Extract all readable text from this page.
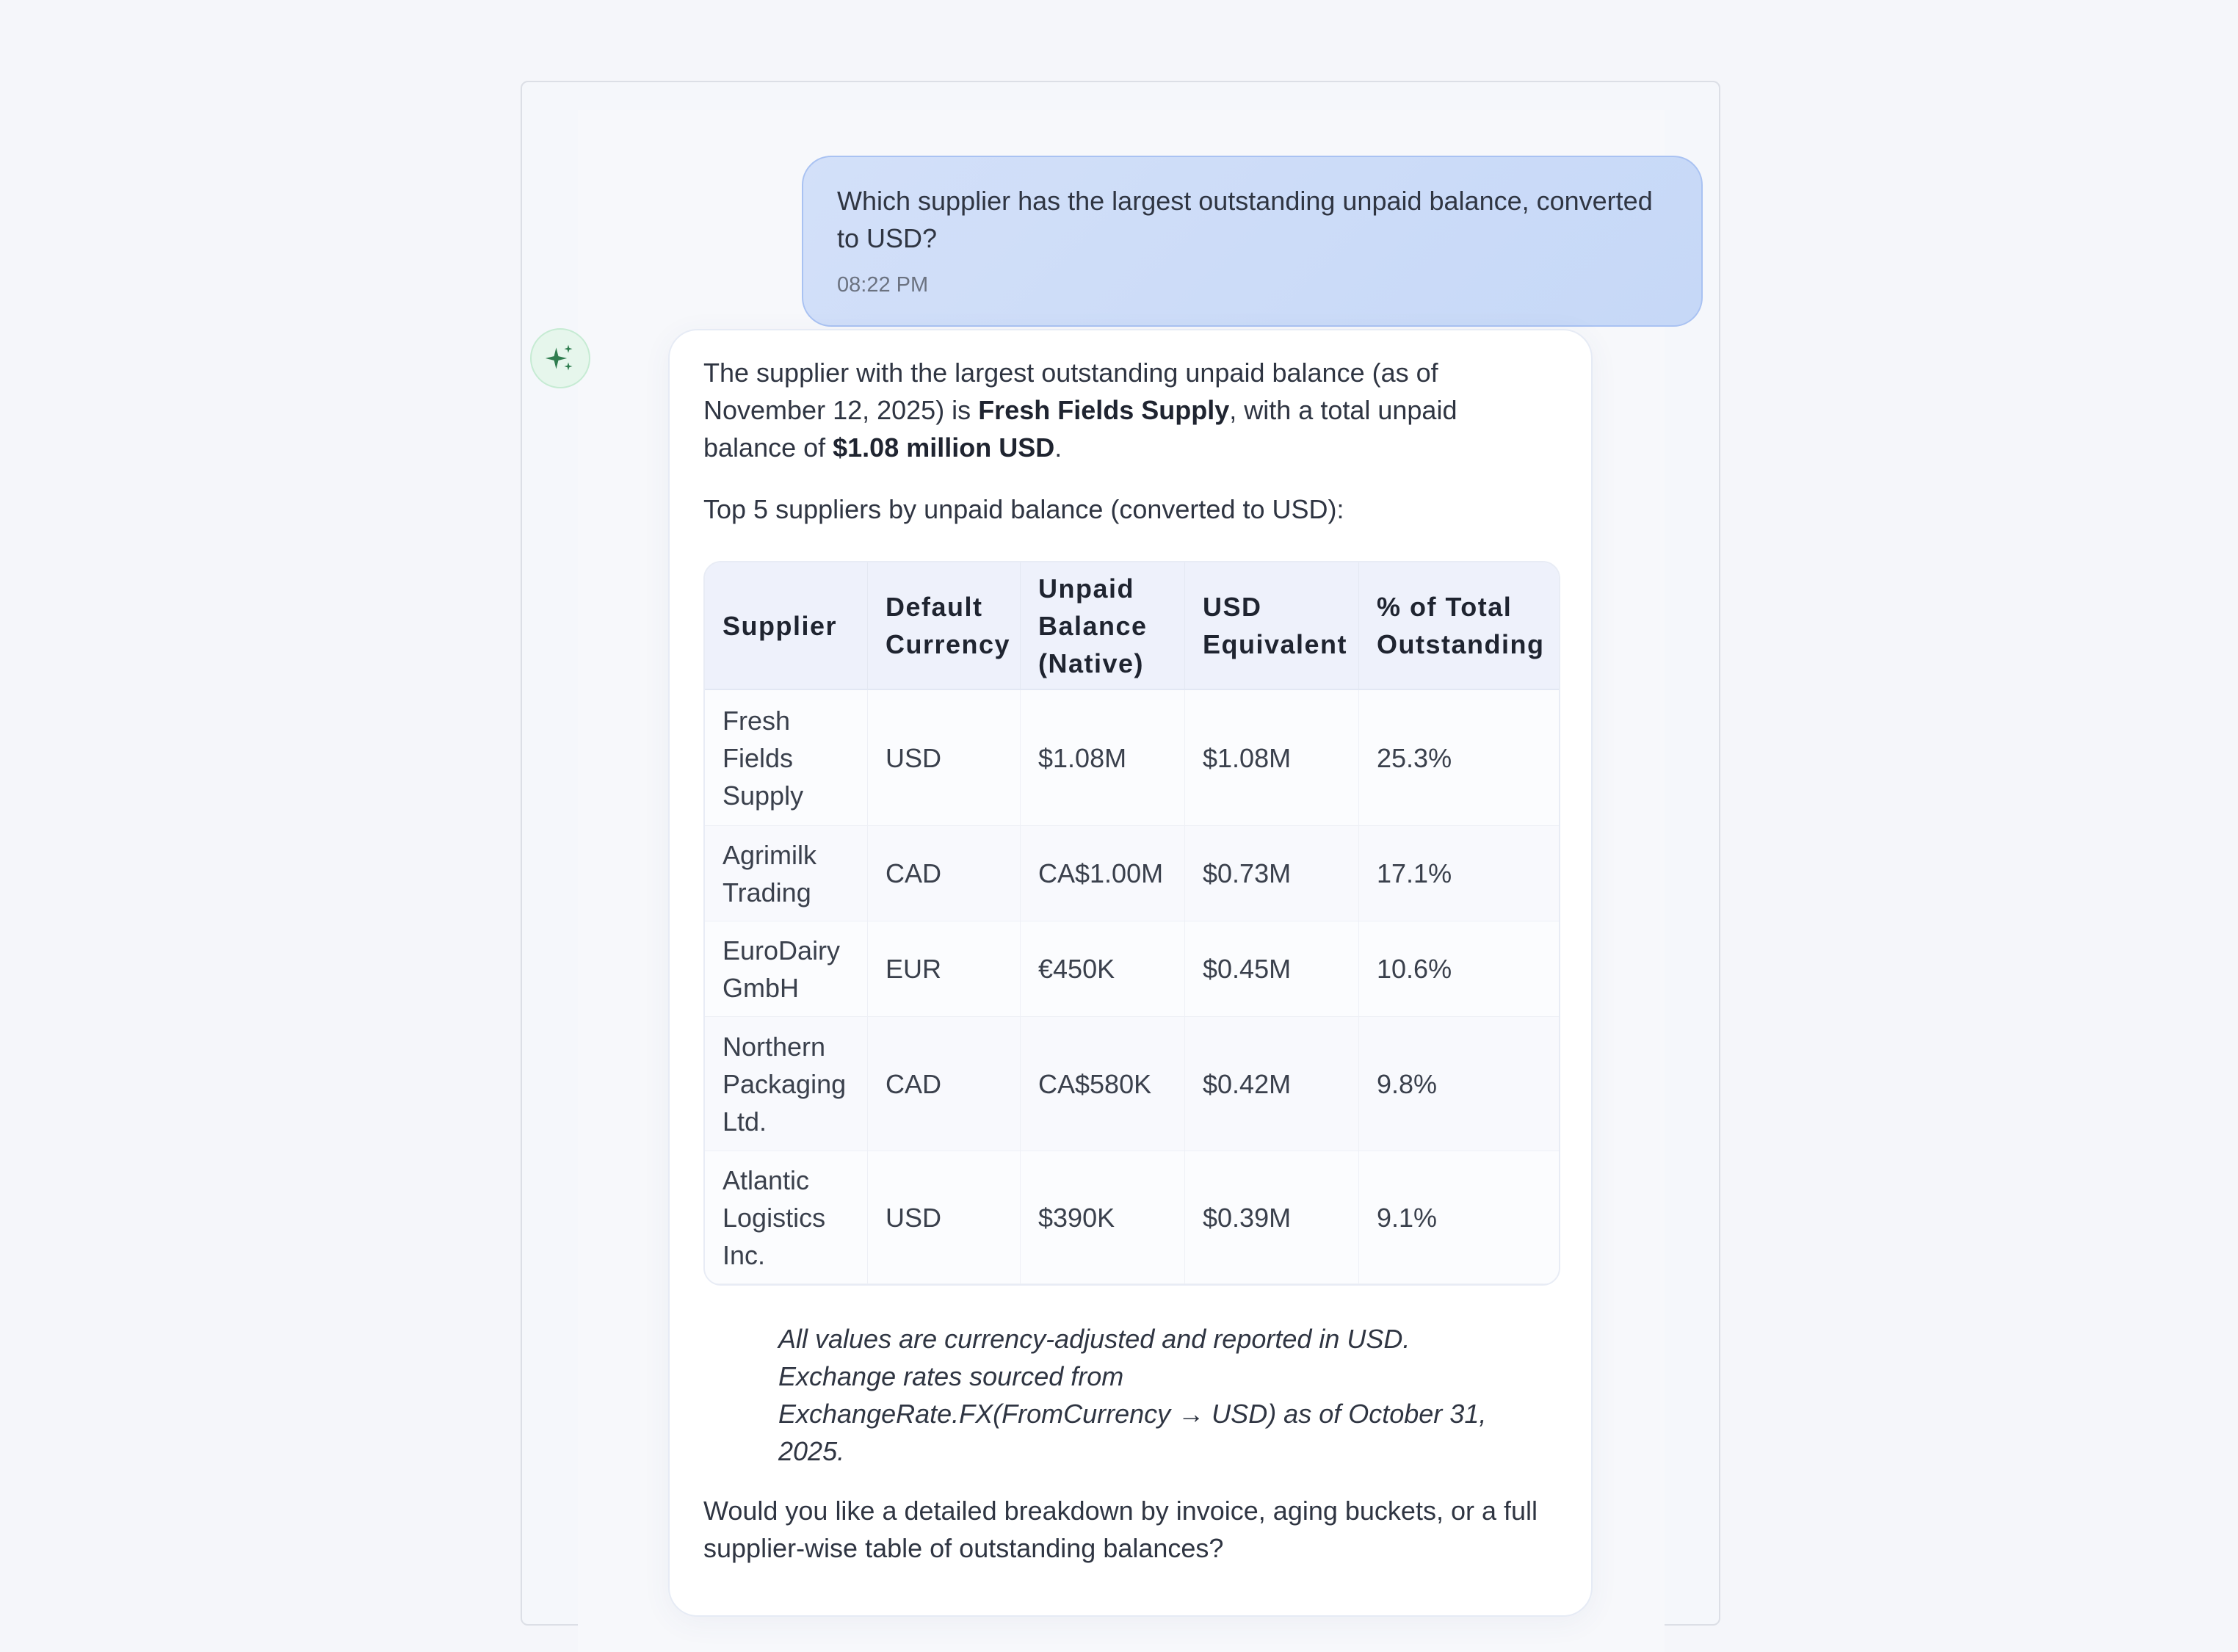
Which supplier has the largest outstanding unpaid balance, converted to USD?
08:22 PM
The supplier with the largest outstanding unpaid balance (as of November 12, 2025) is Fresh Fields Supply, with a total unpaid balance of $1.08 million USD.
Top 5 suppliers by unpaid balance (converted to USD):
Supplier	Default Currency	Unpaid Balance (Native)	USD Equivalent	% of Total Outstanding
Fresh Fields Supply	USD	$1.08M	$1.08M	25.3%
Agrimilk Trading	CAD	CA$1.00M	$0.73M	17.1%
EuroDairy GmbH	EUR	€450K	$0.45M	10.6%
Northern Packaging Ltd.	CAD	CA$580K	$0.42M	9.8%
Atlantic Logistics Inc.	USD	$390K	$0.39M	9.1%
All values are currency-adjusted and reported in USD. Exchange rates sourced from ExchangeRate.FX(FromCurrency → USD) as of October 31, 2025.
Would you like a detailed breakdown by invoice, aging buckets, or a full supplier-wise table of outstanding balances?
